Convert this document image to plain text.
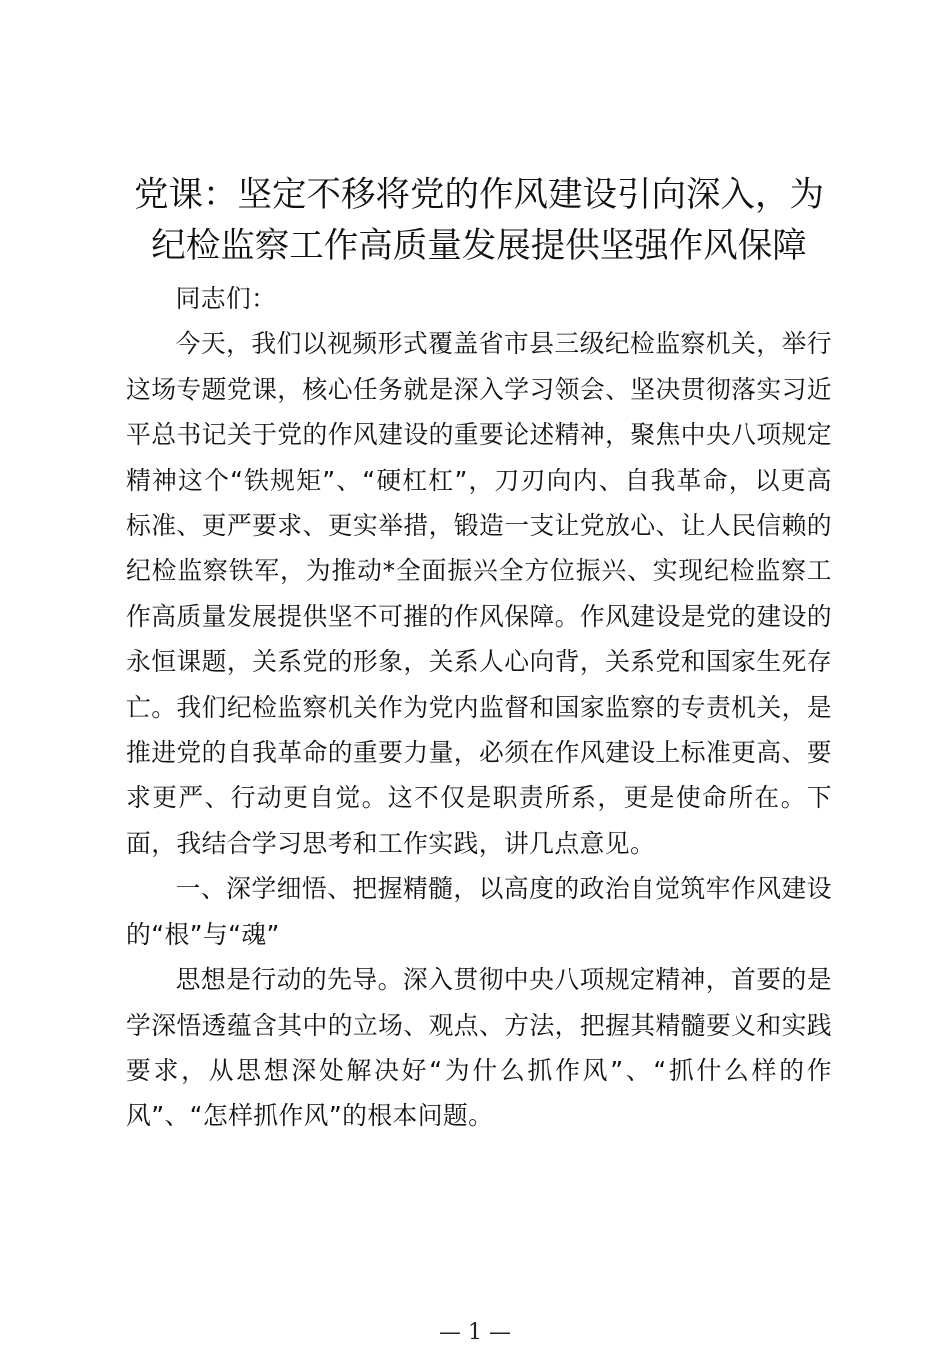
党课：坚定不移将党的作风建设引向深入，为纪检监察工作高质量发展提供坚强作风保障

同志们：

今天，我们以视频形式覆盖省市县三级纪检监察机关，举行这场专题党课，核心任务就是深入学习领会、坚决贯彻落实习近平总书记关于党的作风建设的重要论述精神，聚焦中央八项规定精神这个“铁规矩”、“硬杠杠”，刀刃向内、自我革命，以更高标准、更严要求、更实举措，锻造一支让党放心、让人民信赖的纪检监察铁军，为推动*全面振兴全方位振兴、实现纪检监察工作高质量发展提供坚不可摧的作风保障。作风建设是党的建设的永恒课题，关系党的形象，关系人心向背，关系党和国家生死存亡。我们纪检监察机关作为党内监督和国家监察的专责机关，是推进党的自我革命的重要力量，必须在作风建设上标准更高、要求更严、行动更自觉。这不仅是职责所系，更是使命所在。下面，我结合学习思考和工作实践，讲几点意见。

一、深学细悟、把握精髓，以高度的政治自觉筑牢作风建设的“根”与“魂”

思想是行动的先导。深入贯彻中央八项规定精神，首要的是学深悟透蕴含其中的立场、观点、方法，把握其精髓要义和实践要求，从思想深处解决好“为什么抓作风”、“抓什么样的作风”、“怎样抓作风”的根本问题。

— 1 —
